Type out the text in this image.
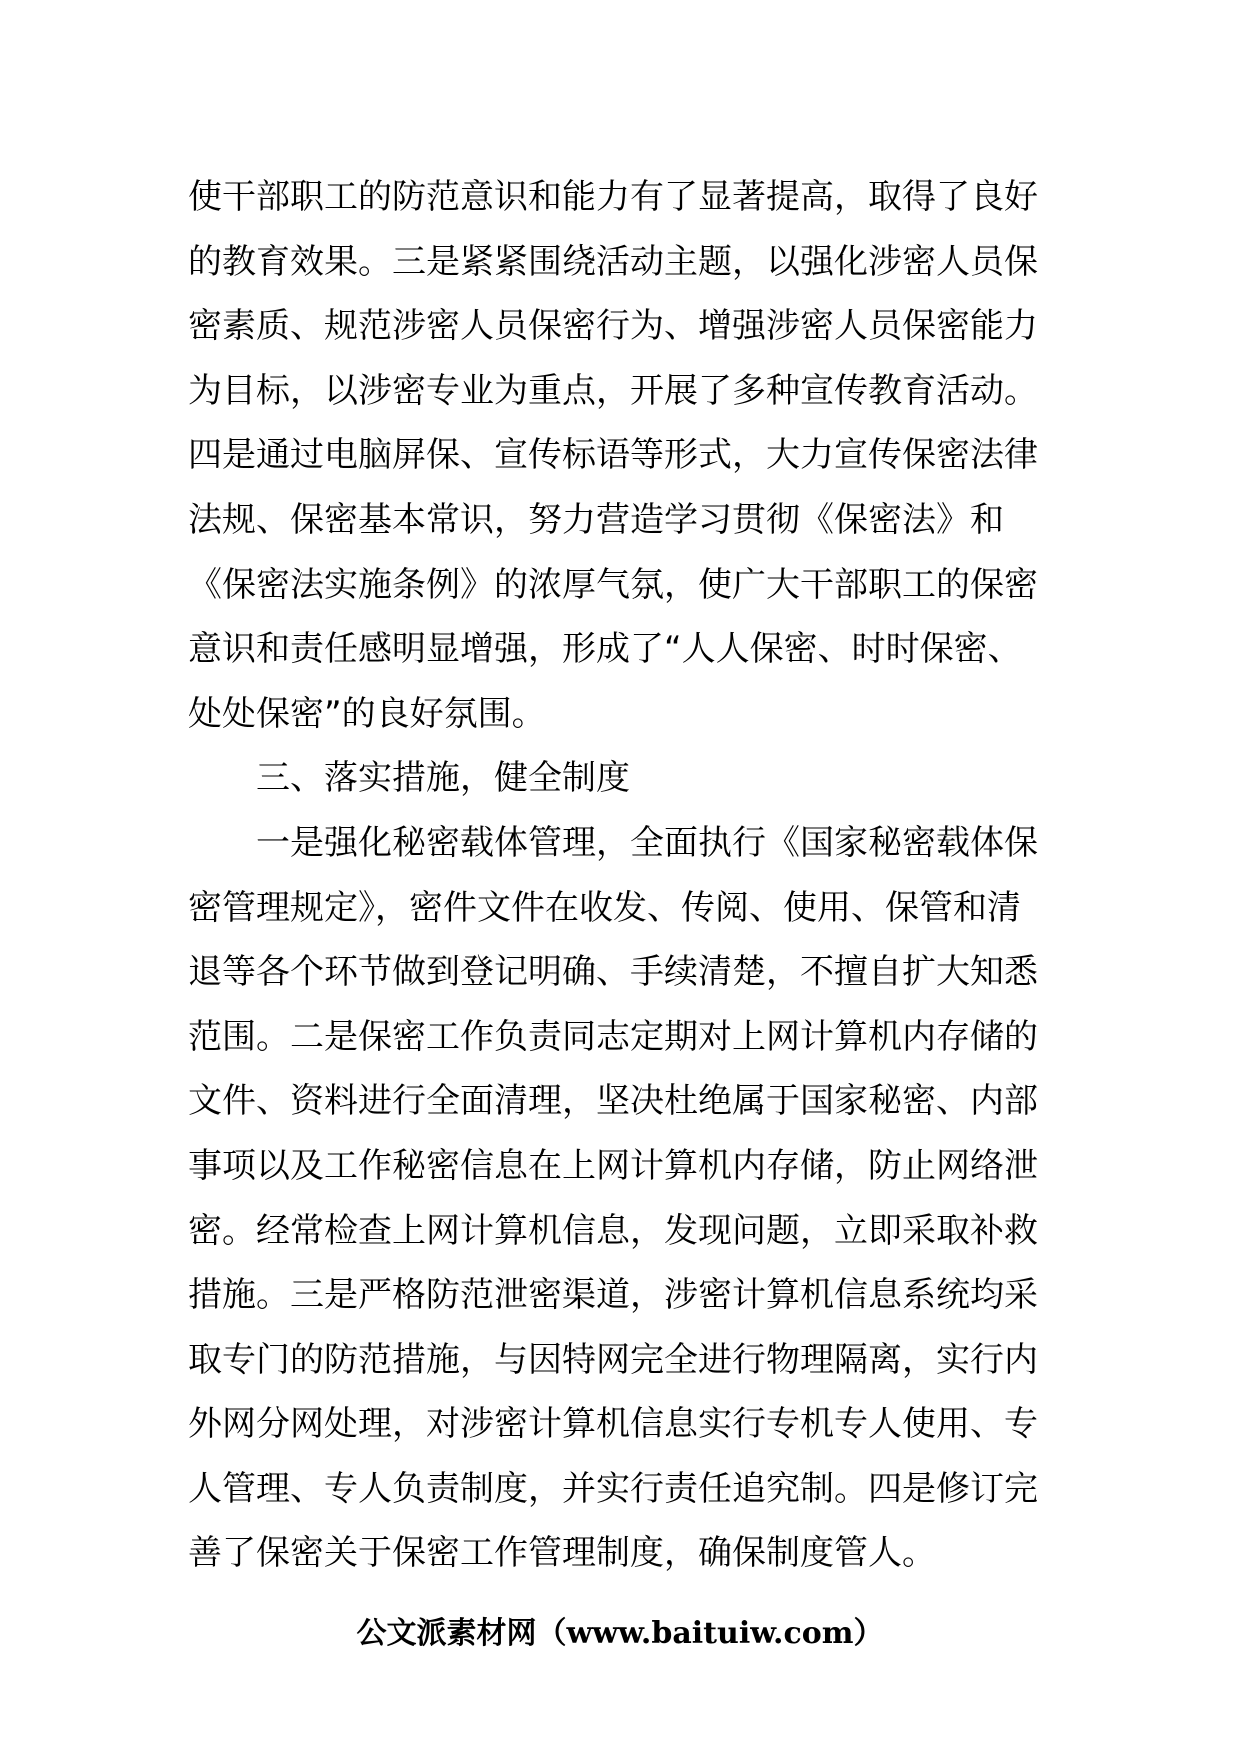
使干部职工的防范意识和能力有了显著提高，取得了良好
的教育效果。三是紧紧围绕活动主题，以强化涉密人员保
密素质、规范涉密人员保密行为、增强涉密人员保密能力
为目标，以涉密专业为重点，开展了多种宣传教育活动。
四是通过电脑屏保、宣传标语等形式，大力宣传保密法律
法规、保密基本常识，努力营造学习贯彻《保密法》和
《保密法实施条例》的浓厚气氛，使广大干部职工的保密
意识和责任感明显增强，形成了“人人保密、时时保密、
处处保密”的良好氛围。
三、落实措施，健全制度
一是强化秘密载体管理，全面执行《国家秘密载体保
密管理规定》，密件文件在收发、传阅、使用、保管和清
退等各个环节做到登记明确、手续清楚，不擅自扩大知悉
范围。二是保密工作负责同志定期对上网计算机内存储的
文件、资料进行全面清理，坚决杜绝属于国家秘密、内部
事项以及工作秘密信息在上网计算机内存储，防止网络泄
密。经常检查上网计算机信息，发现问题，立即采取补救
措施。三是严格防范泄密渠道，涉密计算机信息系统均采
取专门的防范措施，与因特网完全进行物理隔离，实行内
外网分网处理，对涉密计算机信息实行专机专人使用、专
人管理、专人负责制度，并实行责任追究制。四是修订完
善了保密关于保密工作管理制度，确保制度管人。
公文派素材网（www.baituiw.com）
